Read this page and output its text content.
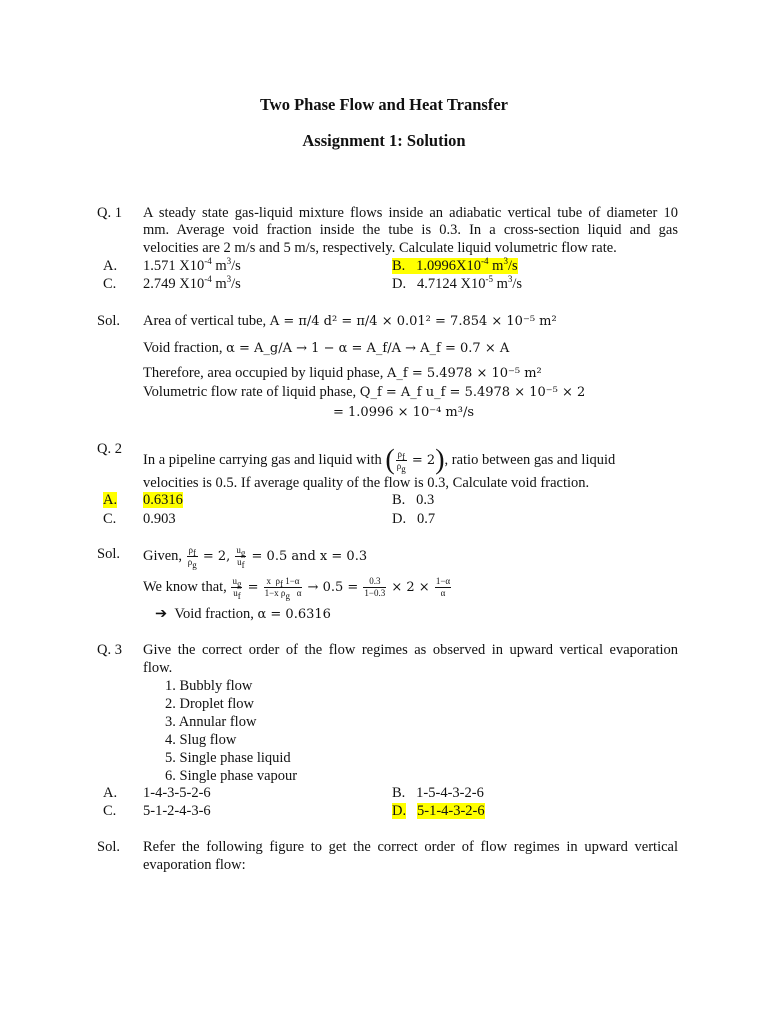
Two Phase Flow and Heat Transfer
Assignment 1: Solution
Q. 1 A steady state gas-liquid mixture flows inside an adiabatic vertical tube of diameter 10
mm. Average void fraction inside the tube is 0.3. In a cross-section liquid and gas
velocities are 2 m/s and 5 m/s, respectively. Calculate liquid volumetric flow rate.
A. 1.571 $X10^{-4}$ $m^3/s$	B. $1.0996X10^{-4}$ $m^3/s$
C. 2.749 $X10^{-4}$ $m^3/s$	D. 4.7124 $X10^{-5}$ $m^3/s$
Sol. Area of vertical tube, A = π/4 d² = π/4 × 0.01² = 7.854 × 10⁻⁵ m²
Void fraction, α = A_g/A → 1 − α = A_f/A → A_f = 0.7 × A
Therefore, area occupied by liquid phase, A_f = 5.4978 × 10⁻⁵ m²
Volumetric flow rate of liquid phase, Q_f = A_f u_f = 5.4978 × 10⁻⁵ × 2
= 1.0996 × 10⁻⁴ m³/s
Q. 2
In a pipeline carrying gas and liquid with ( $\frac{\rho_f}{\rho_g} = 2$), ratio between gas and liquid
velocities is 0.5. If average quality of the flow is 0.3, Calculate void fraction.
A. 0.6316	B. 0.3
C. 0.903	D. 0.7
Sol. Given, $\frac{\rho_f}{\rho_g} = 2$, $\frac{u_g}{u_f} = 0.5$ and x = 0.3
We know that, $\frac{u_g}{u_f} = \frac{x \rho_f 1-\alpha}{1-x \rho_g \alpha} \to 0.5 = \frac{0.3}{1-0.3} \times 2 \times \frac{1-\alpha}{\alpha}$
➔ Void fraction, α = 0.6316
Q. 3 Give the correct order of the flow regimes as observed in upward vertical evaporation
flow.
1. Bubbly flow
2. Droplet flow
3. Annular flow
4. Slug flow
5. Single phase liquid
6. Single phase vapour
A. 1-4-3-5-2-6	B. 1-5-4-3-2-6
C. 5-1-2-4-3-6	D. 5-1-4-3-2-6
Sol. Refer the following figure to get the correct order of flow regimes in upward vertical
evaporation flow:
